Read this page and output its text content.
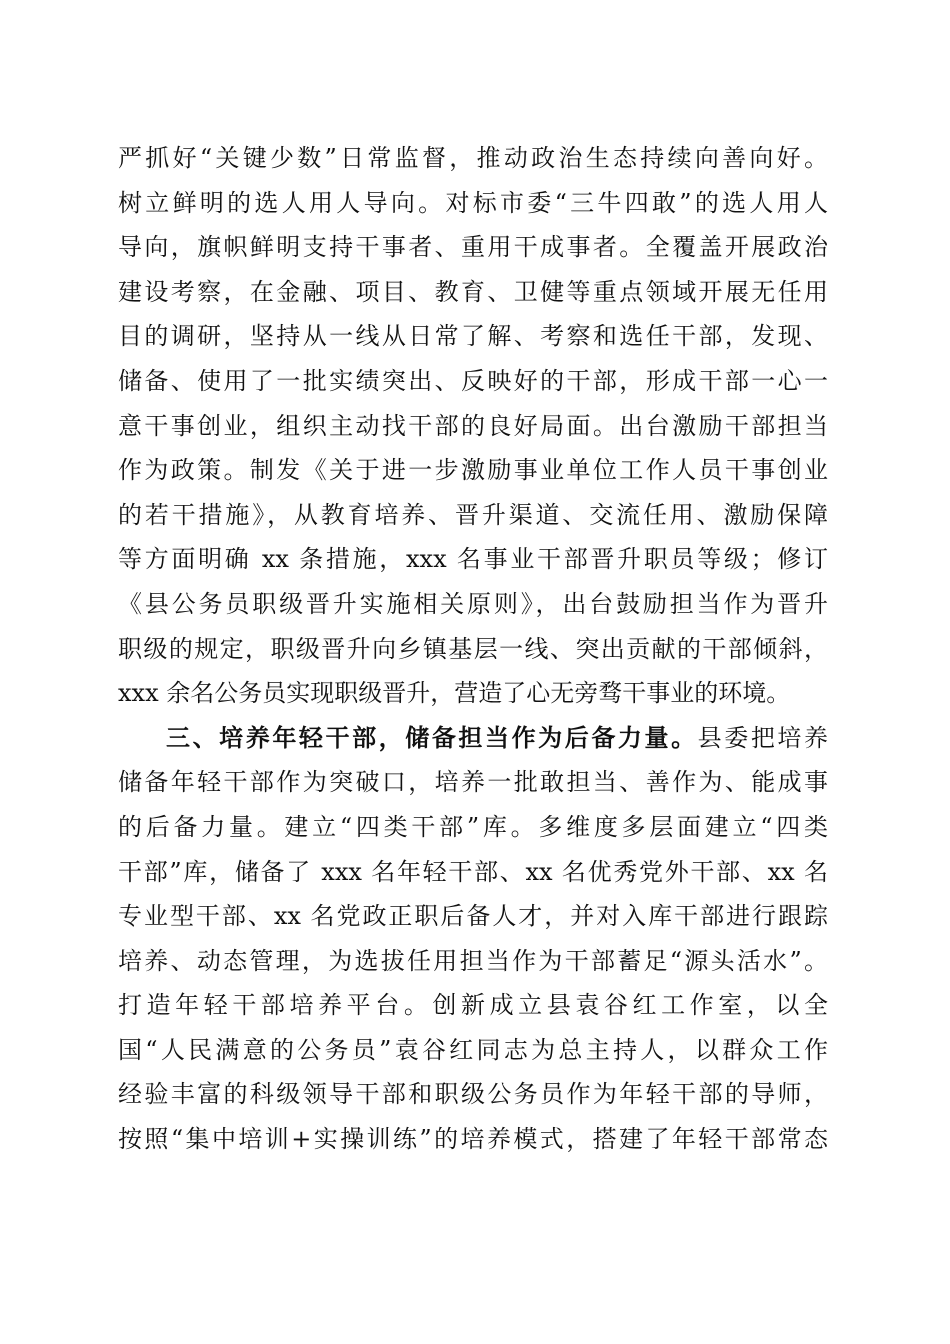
严抓好“关键少数”日常监督，推动政治生态持续向善向好。
树立鲜明的选人用人导向。对标市委“三牛四敢”的选人用人
导向，旗帜鲜明支持干事者、重用干成事者。全覆盖开展政治
建设考察，在金融、项目、教育、卫健等重点领域开展无任用
目的调研，坚持从一线从日常了解、考察和选任干部，发现、
储备、使用了一批实绩突出、反映好的干部，形成干部一心一
意干事创业，组织主动找干部的良好局面。出台激励干部担当
作为政策。制发《关于进一步激励事业单位工作人员干事创业
的若干措施》，从教育培养、晋升渠道、交流任用、激励保障
等方面明确 xx 条措施，xxx 名事业干部晋升职员等级；修订
《县公务员职级晋升实施相关原则》，出台鼓励担当作为晋升
职级的规定，职级晋升向乡镇基层一线、突出贡献的干部倾斜，
xxx 余名公务员实现职级晋升，营造了心无旁骛干事业的环境。
三、培养年轻干部，储备担当作为后备力量。县委把培养
储备年轻干部作为突破口，培养一批敢担当、善作为、能成事
的后备力量。建立“四类干部”库。多维度多层面建立“四类
干部”库，储备了 xxx 名年轻干部、xx 名优秀党外干部、xx 名
专业型干部、xx 名党政正职后备人才，并对入库干部进行跟踪
培养、动态管理，为选拔任用担当作为干部蓄足“源头活水”。
打造年轻干部培养平台。创新成立县袁谷红工作室，以全
国“人民满意的公务员”袁谷红同志为总主持人，以群众工作
经验丰富的科级领导干部和职级公务员作为年轻干部的导师，
按照“集中培训+实操训练”的培养模式，搭建了年轻干部常态
